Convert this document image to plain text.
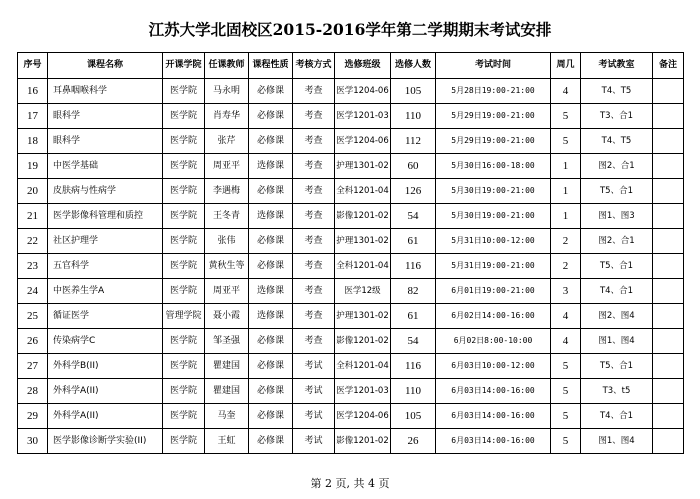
江苏大学北固校区2015-2016学年第二学期期末考试安排
序号	课程名称	开课学院	任课教师	课程性质	考核方式	选修班级	选修人数	考试时间	周几	考试教室	备注
16	耳鼻咽喉科学	医学院	马永明	必修课	考查	医学1204-06	105	5月28日19:00-21:00	4	T4、T5	
17	眼科学	医学院	肖寿华	必修课	考查	医学1201-03	110	5月29日19:00-21:00	5	T3、合1	
18	眼科学	医学院	张芹	必修课	考查	医学1204-06	112	5月29日19:00-21:00	5	T4、T5	
19	中医学基础	医学院	周亚平	选修课	考查	护理1301-02	60	5月30日16:00-18:00	1	图2、合1	
20	皮肤病与性病学	医学院	李遇梅	必修课	考查	全科1201-04	126	5月30日19:00-21:00	1	T5、合1	
21	医学影像科管理和质控	医学院	王冬青	选修课	考查	影像1201-02	54	5月30日19:00-21:00	1	图1、图3	
22	社区护理学	医学院	张伟	必修课	考查	护理1301-02	61	5月31日10:00-12:00	2	图2、合1	
23	五官科学	医学院	黄秋生等	必修课	考查	全科1201-04	116	5月31日19:00-21:00	2	T5、合1	
24	中医养生学A	医学院	周亚平	选修课	考查	医学12级	82	6月01日19:00-21:00	3	T4、合1	
25	循证医学	管理学院	聂小霞	选修课	考查	护理1301-02	61	6月02日14:00-16:00	4	图2、图4	
26	传染病学C	医学院	邹圣强	必修课	考查	影像1201-02	54	6月02日8:00-10:00	4	图1、图4	
27	外科学B(II)	医学院	瞿建国	必修课	考试	全科1201-04	116	6月03日10:00-12:00	5	T5、合1	
28	外科学A(II)	医学院	瞿建国	必修课	考试	医学1201-03	110	6月03日14:00-16:00	5	T3、t5	
29	外科学A(II)	医学院	马奎	必修课	考试	医学1204-06	105	6月03日14:00-16:00	5	T4、合1	
30	医学影像诊断学实验(II)	医学院	王虹	必修课	考试	影像1201-02	26	6月03日14:00-16:00	5	图1、图4	
第 2 页, 共 4 页
